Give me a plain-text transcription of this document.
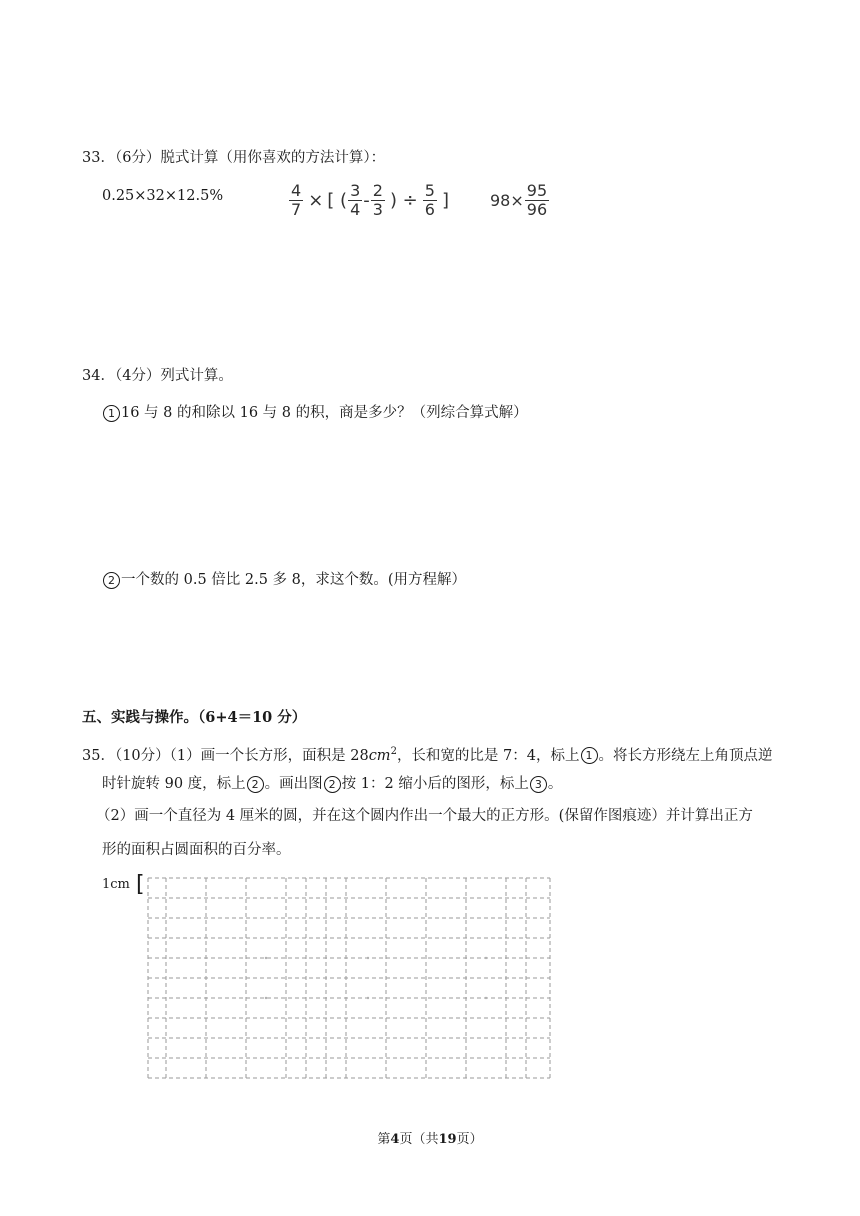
33．（6分）脱式计算（用你喜欢的方法计算）：
0.25×32×12.5%	$\frac{4}{7}$ × [ ( $\frac{3}{4} - \frac{2}{3}$ ) ÷ $\frac{5}{6}$ ]	$98\times \frac{95}{96}$
34．（4分）列式计算。
1 16 与 8 的和除以 16 与 8 的积，商是多少？（列综合算式解）
2 一个数的 0.5 倍比 2.5 多 8，求这个数。(用方程解）
五、实践与操作。（6+4＝10 分）
35．（10分）（1）画一个长方形，面积是 $28cm^2$，长和宽的比是 7：4，标上 1 。将长方形绕左上角顶点逆
时针旋转 90 度，标上 2 。画出图 2 按 1：2 缩小后的图形，标上 3 。
（2）画一个直径为 4 厘米的圆，并在这个圆内作出一个最大的正方形。(保留作图痕迹）并计算出正方
形的面积占圆面积的百分率。
1cm [
第4页（共19页）
